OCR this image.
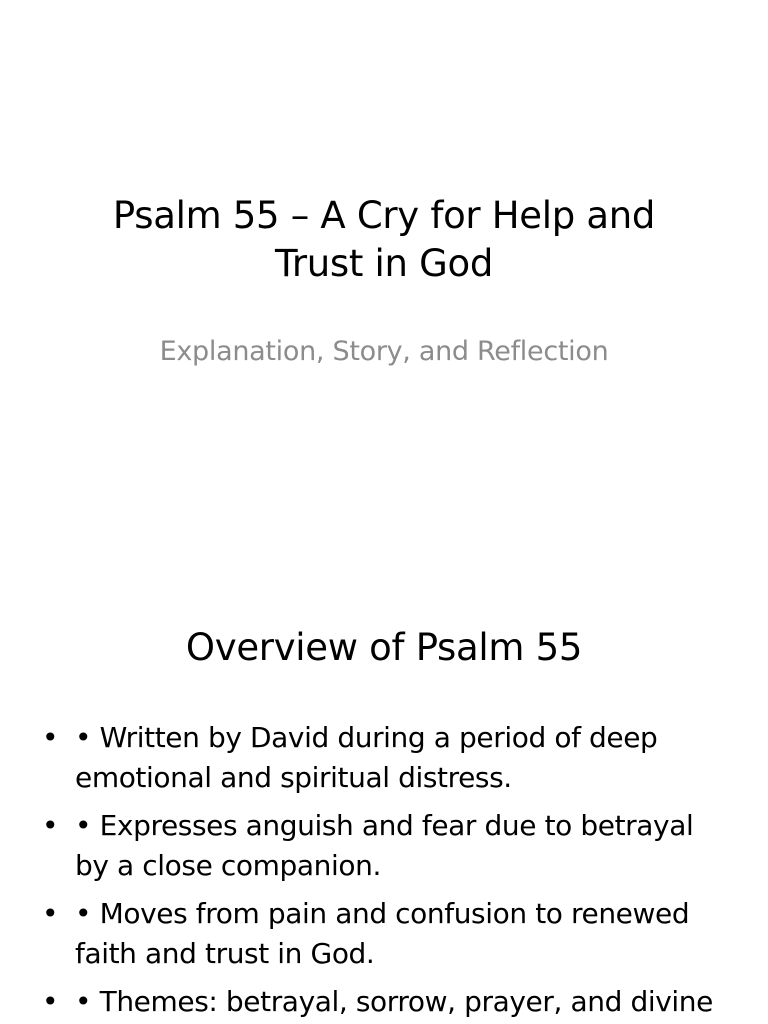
Psalm 55 – A Cry for Help and
Trust in God
Explanation, Story, and Reflection
Overview of Psalm 55
• • Written by David during a period of deep emotional and spiritual distress.
• • Expresses anguish and fear due to betrayal by a close companion.
• • Moves from pain and confusion to renewed faith and trust in God.
• • Themes: betrayal, sorrow, prayer, and divine
